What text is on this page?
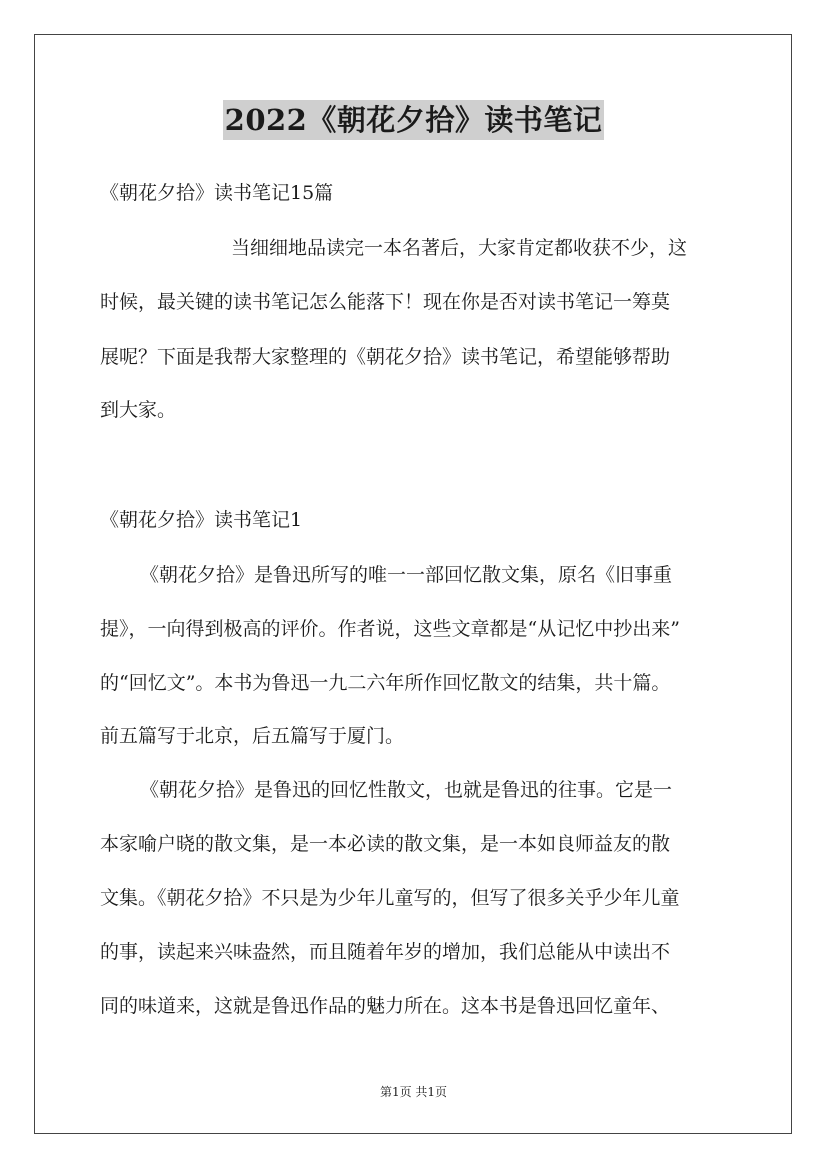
2022《朝花夕拾》读书笔记
《朝花夕拾》读书笔记15篇
当细细地品读完一本名著后，大家肯定都收获不少，这
时候，最关键的读书笔记怎么能落下！现在你是否对读书笔记一筹莫
展呢？下面是我帮大家整理的《朝花夕拾》读书笔记，希望能够帮助
到大家。
《朝花夕拾》读书笔记1
《朝花夕拾》是鲁迅所写的唯一一部回忆散文集，原名《旧事重
提》，一向得到极高的评价。作者说，这些文章都是“从记忆中抄出来”
的“回忆文”。本书为鲁迅一九二六年所作回忆散文的结集，共十篇。
前五篇写于北京，后五篇写于厦门。
《朝花夕拾》是鲁迅的回忆性散文，也就是鲁迅的往事。它是一
本家喻户晓的散文集，是一本必读的散文集，是一本如良师益友的散
文集。《朝花夕拾》不只是为少年儿童写的，但写了很多关乎少年儿童
的事，读起来兴味盎然，而且随着年岁的增加，我们总能从中读出不
同的味道来，这就是鲁迅作品的魅力所在。这本书是鲁迅回忆童年、
第1页 共1页
